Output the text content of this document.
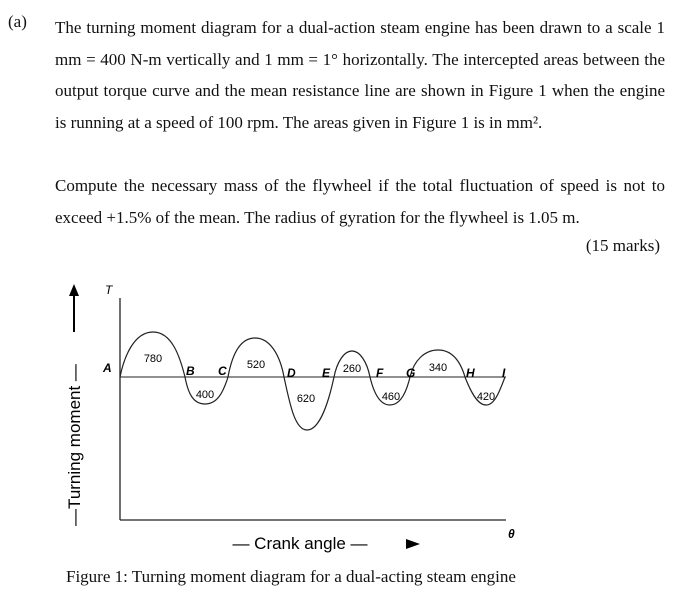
(a) The turning moment diagram for a dual-action steam engine has been drawn to a scale 1 mm = 400 N-m vertically and 1 mm = 1° horizontally. The intercepted areas between the output torque curve and the mean resistance line are shown in Figure 1 when the engine is running at a speed of 100 rpm. The areas given in Figure 1 is in mm².
Compute the necessary mass of the flywheel if the total fluctuation of speed is not to exceed +1.5% of the mean. The radius of gyration for the flywheel is 1.05 m.
(15 marks)
—Turning moment —
T
A	B C	D E	F G	H I
780
400
520
620
260
460
340
420
— Crank angle —	θ
Figure 1: Turning moment diagram for a dual-acting steam engine
